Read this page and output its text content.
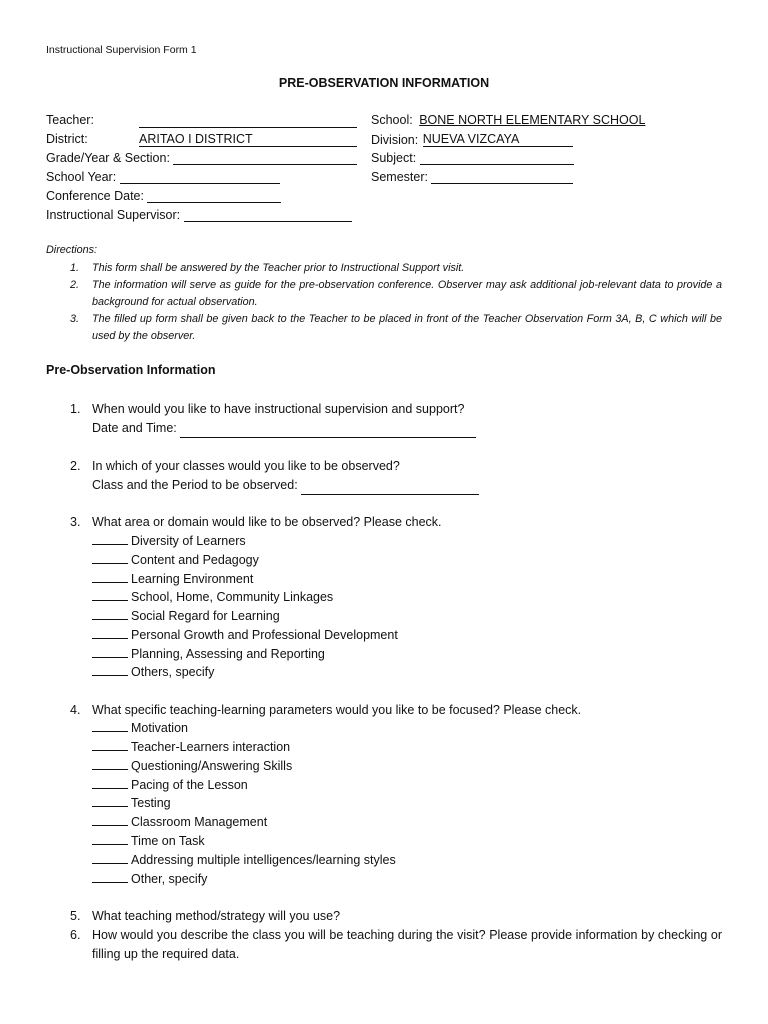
Instructional Supervision Form 1
PRE-OBSERVATION INFORMATION
Teacher:
District:	ARITAO I DISTRICT
Grade/Year & Section:
School Year:
Conference Date:
Instructional Supervisor:
School: BONE NORTH ELEMENTARY SCHOOL
Division: NUEVA VIZCAYA
Subject:
Semester:
Directions:
1. This form shall be answered by the Teacher prior to Instructional Support visit.
2. The information will serve as guide for the pre-observation conference. Observer may ask additional job-relevant data to provide a background for actual observation.
3. The filled up form shall be given back to the Teacher to be placed in front of the Teacher Observation Form 3A, B, C which will be used by the observer.
Pre-Observation Information
1. When would you like to have instructional supervision and support?
Date and Time:
2. In which of your classes would you like to be observed?
Class and the Period to be observed:
3. What area or domain would like to be observed? Please check.
Diversity of Learners
Content and Pedagogy
Learning Environment
School, Home, Community Linkages
Social Regard for Learning
Personal Growth and Professional Development
Planning, Assessing and Reporting
Others, specify
4. What specific teaching-learning parameters would you like to be focused? Please check.
Motivation
Teacher-Learners interaction
Questioning/Answering Skills
Pacing of the Lesson
Testing
Classroom Management
Time on Task
Addressing multiple intelligences/learning styles
Other, specify
5. What teaching method/strategy will you use?
6. How would you describe the class you will be teaching during the visit? Please provide information by checking or filling up the required data.
